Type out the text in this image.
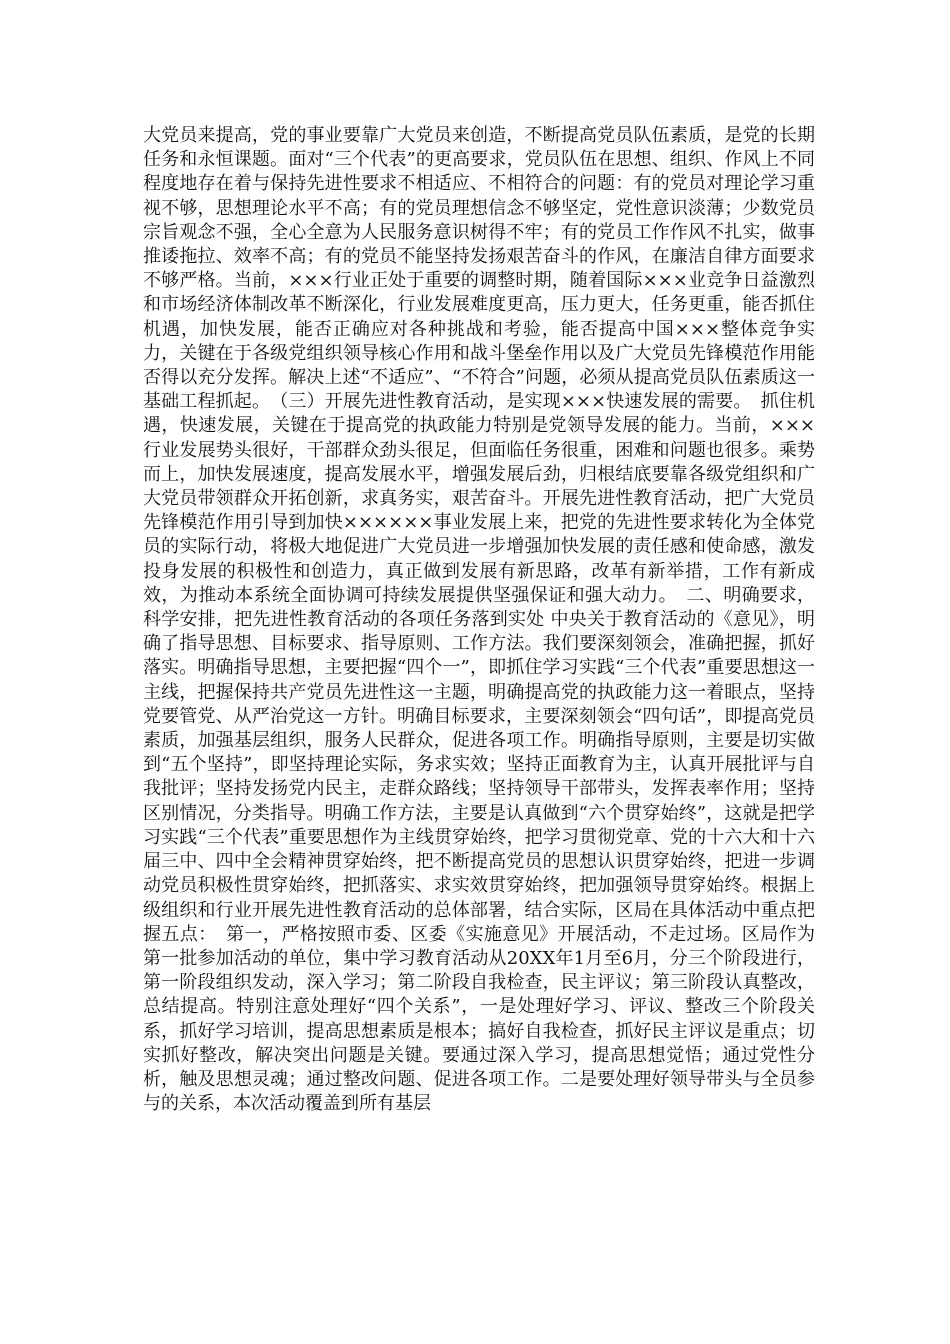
大党员来提高，党的事业要靠广大党员来创造，不断提高党员队伍素质，是党的长期任务和永恒课题。面对“三个代表”的更高要求，党员队伍在思想、组织、作风上不同程度地存在着与保持先进性要求不相适应、不相符合的问题：有的党员对理论学习重视不够，思想理论水平不高；有的党员理想信念不够坚定，党性意识淡薄；少数党员宗旨观念不强，全心全意为人民服务意识树得不牢；有的党员工作作风不扎实，做事推诿拖拉、效率不高；有的党员不能坚持发扬艰苦奋斗的作风，在廉洁自律方面要求不够严格。当前，×××行业正处于重要的调整时期，随着国际×××业竞争日益激烈和市场经济体制改革不断深化，行业发展难度更高，压力更大，任务更重，能否抓住机遇，加快发展，能否正确应对各种挑战和考验，能否提高中国×××整体竞争实力，关键在于各级党组织领导核心作用和战斗堡垒作用以及广大党员先锋模范作用能否得以充分发挥。解决上述“不适应”、“不符合”问题，必须从提高党员队伍素质这一基础工程抓起。　（三）开展先进性教育活动，是实现×××快速发展的需要。　抓住机遇，快速发展，关键在于提高党的执政能力特别是党领导发展的能力。当前，×××行业发展势头很好，干部群众劲头很足，但面临任务很重，困难和问题也很多。乘势而上，加快发展速度，提高发展水平，增强发展后劲，归根结底要靠各级党组织和广大党员带领群众开拓创新，求真务实，艰苦奋斗。开展先进性教育活动，把广大党员先锋模范作用引导到加快××××××事业发展上来，把党的先进性要求转化为全体党员的实际行动，将极大地促进广大党员进一步增强加快发展的责任感和使命感，激发投身发展的积极性和创造力，真正做到发展有新思路，改革有新举措，工作有新成效，为推动本系统全面协调可持续发展提供坚强保证和强大动力。　二、明确要求，科学安排，把先进性教育活动的各项任务落到实处 中央关于教育活动的《意见》，明确了指导思想、目标要求、指导原则、工作方法。我们要深刻领会，准确把握，抓好落实。明确指导思想，主要把握“四个一”，即抓住学习实践“三个代表”重要思想这一主线，把握保持共产党员先进性这一主题，明确提高党的执政能力这一着眼点，坚持党要管党、从严治党这一方针。明确目标要求，主要深刻领会“四句话”，即提高党员素质，加强基层组织，服务人民群众，促进各项工作。明确指导原则，主要是切实做到“五个坚持”，即坚持理论实际，务求实效；坚持正面教育为主，认真开展批评与自我批评；坚持发扬党内民主，走群众路线；坚持领导干部带头，发挥表率作用；坚持区别情况，分类指导。明确工作方法，主要是认真做到“六个贯穿始终”，这就是把学习实践“三个代表”重要思想作为主线贯穿始终，把学习贯彻党章、党的十六大和十六届三中、四中全会精神贯穿始终，把不断提高党员的思想认识贯穿始终，把进一步调动党员积极性贯穿始终，把抓落实、求实效贯穿始终，把加强领导贯穿始终。根据上级组织和行业开展先进性教育活动的总体部署，结合实际，区局在具体活动中重点把握五点：　第一，严格按照市委、区委《实施意见》开展活动，不走过场。区局作为第一批参加活动的单位，集中学习教育活动从20XX年1月至6月，分三个阶段进行，第一阶段组织发动，深入学习；第二阶段自我检查，民主评议；第三阶段认真整改，总结提高。特别注意处理好“四个关系”，一是处理好学习、评议、整改三个阶段关系，抓好学习培训，提高思想素质是根本；搞好自我检查，抓好民主评议是重点；切实抓好整改，解决突出问题是关键。要通过深入学习，提高思想觉悟；通过党性分析，触及思想灵魂；通过整改问题、促进各项工作。二是要处理好领导带头与全员参与的关系，本次活动覆盖到所有基层
